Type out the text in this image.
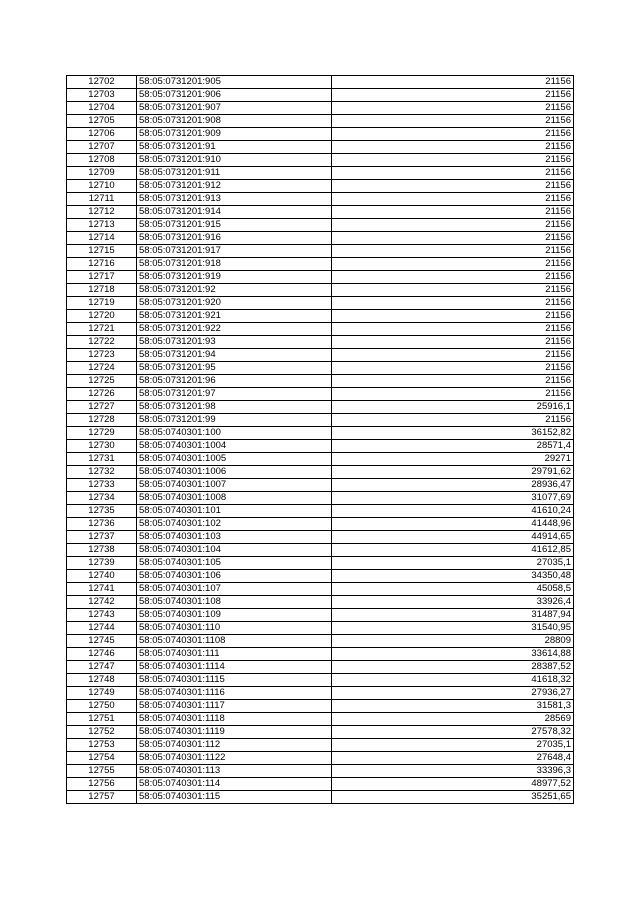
12702	58:05:0731201:905	21156
12703	58:05:0731201:906	21156
12704	58:05:0731201:907	21156
12705	58:05:0731201:908	21156
12706	58:05:0731201:909	21156
12707	58:05:0731201:91	21156
12708	58:05:0731201:910	21156
12709	58:05:0731201:911	21156
12710	58:05:0731201:912	21156
12711	58:05:0731201:913	21156
12712	58:05:0731201:914	21156
12713	58:05:0731201:915	21156
12714	58:05:0731201:916	21156
12715	58:05:0731201:917	21156
12716	58:05:0731201:918	21156
12717	58:05:0731201:919	21156
12718	58:05:0731201:92	21156
12719	58:05:0731201:920	21156
12720	58:05:0731201:921	21156
12721	58:05:0731201:922	21156
12722	58:05:0731201:93	21156
12723	58:05:0731201:94	21156
12724	58:05:0731201:95	21156
12725	58:05:0731201:96	21156
12726	58:05:0731201:97	21156
12727	58:05:0731201:98	25916,1
12728	58:05:0731201:99	21156
12729	58:05:0740301:100	36152,82
12730	58:05:0740301:1004	28571,4
12731	58:05:0740301:1005	29271
12732	58:05:0740301:1006	29791,62
12733	58:05:0740301:1007	28936,47
12734	58:05:0740301:1008	31077,69
12735	58:05:0740301:101	41610,24
12736	58:05:0740301:102	41448,96
12737	58:05:0740301:103	44914,65
12738	58:05:0740301:104	41612,85
12739	58:05:0740301:105	27035,1
12740	58:05:0740301:106	34350,48
12741	58:05:0740301:107	45058,5
12742	58:05:0740301:108	33926,4
12743	58:05:0740301:109	31487,94
12744	58:05:0740301:110	31540,95
12745	58:05:0740301:1108	28809
12746	58:05:0740301:111	33614,88
12747	58:05:0740301:1114	28387,52
12748	58:05:0740301:1115	41618,32
12749	58:05:0740301:1116	27936,27
12750	58:05:0740301:1117	31581,3
12751	58:05:0740301:1118	28569
12752	58:05:0740301:1119	27578,32
12753	58:05:0740301:112	27035,1
12754	58:05:0740301:1122	27648,4
12755	58:05:0740301:113	33396,3
12756	58:05:0740301:114	48977,52
12757	58:05:0740301:115	35251,65
